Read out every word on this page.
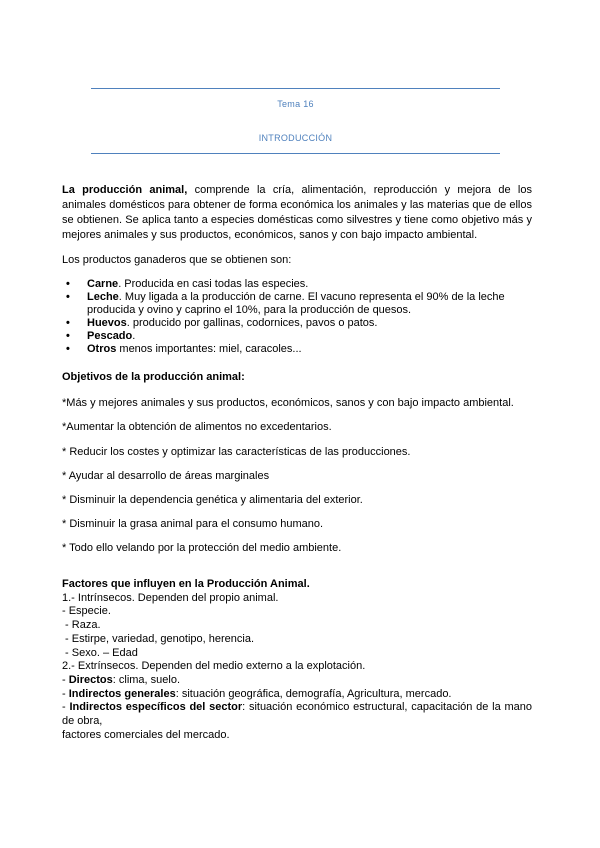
Tema 16
INTRODUCCIÓN
La producción animal, comprende la cría, alimentación, reproducción y mejora de los animales domésticos para obtener de forma económica los animales y las materias que de ellos se obtienen. Se aplica tanto a especies domésticas como silvestres y tiene como objetivo más y mejores animales y sus productos, económicos, sanos y con bajo impacto ambiental.
Los productos ganaderos que se obtienen son:
• Carne. Producida en casi todas las especies.
• Leche. Muy ligada a la producción de carne. El vacuno representa el 90% de la leche producida y ovino y caprino el 10%, para la producción de quesos.
• Huevos. producido por gallinas, codornices, pavos o patos.
• Pescado.
• Otros menos importantes: miel, caracoles...
Objetivos de la producción animal:
*Más y mejores animales y sus productos, económicos, sanos y con bajo impacto ambiental.
*Aumentar la obtención de alimentos no excedentarios.
* Reducir los costes y optimizar las características de las producciones.
* Ayudar al desarrollo de áreas marginales
* Disminuir la dependencia genética y alimentaria del exterior.
* Disminuir la grasa animal para el consumo humano.
* Todo ello velando por la protección del medio ambiente.
Factores que influyen en la Producción Animal.
1.- Intrínsecos. Dependen del propio animal.
- Especie.
- Raza.
- Estirpe, variedad, genotipo, herencia.
- Sexo. – Edad
2.- Extrínsecos. Dependen del medio externo a la explotación.
- Directos: clima, suelo.
- Indirectos generales: situación geográfica, demografía, Agricultura, mercado.
- Indirectos específicos del sector: situación económico estructural, capacitación de la mano de obra,
factores comerciales del mercado.
